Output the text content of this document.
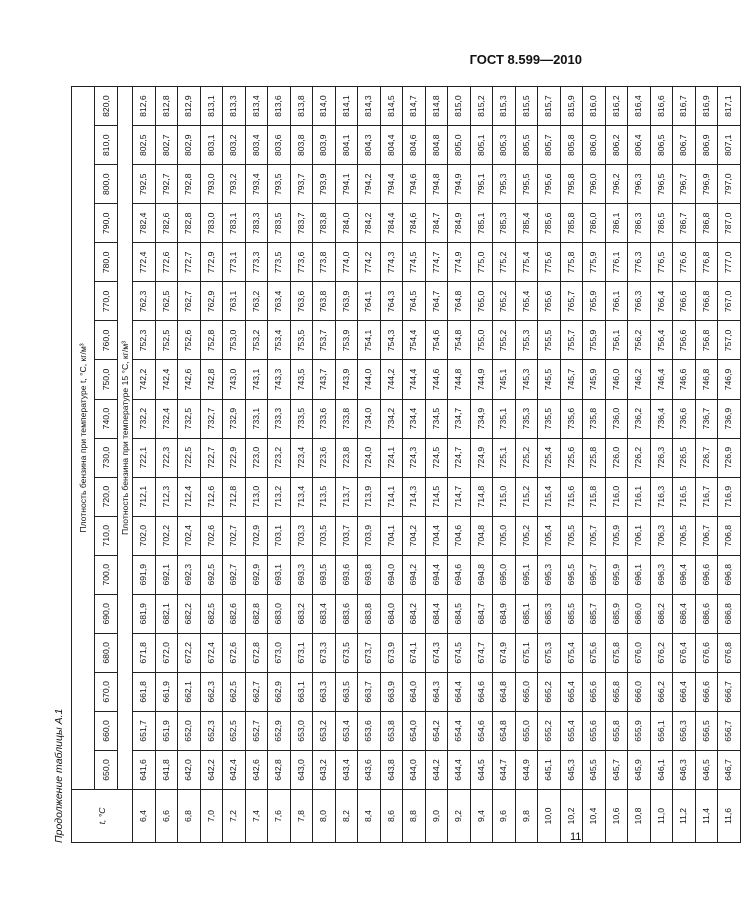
ГОСТ 8.599—2010
Продолжение таблицы А.1	t, °C	Плотность бензина при температуре t, °C, кг/м³																	
	650,0	660,0	670,0	680,0	690,0	700,0	710,0	720,0	730,0	740,0	750,0	760,0	770,0	780,0	790,0	800,0	810,0	820,0
	Плотность бензина при температуре 15 °C, кг/м³																	
6,4	641,6	651,7	661,8	671,8	681,9	691,9	702,0	712,1	722,1	732,2	742,2	752,3	762,3	772,4	782,4	792,5	802,5	812,6
6,6	641,8	651,9	661,9	672,0	682,1	692,1	702,2	712,3	722,3	732,4	742,4	752,5	762,5	772,6	782,6	792,7	802,7	812,8
6,8	642,0	652,0	662,1	672,2	682,2	692,3	702,4	712,4	722,5	732,5	742,6	752,6	762,7	772,7	782,8	792,8	802,9	812,9
7,0	642,2	652,3	662,3	672,4	682,5	692,5	702,6	712,6	722,7	732,7	742,8	752,8	762,9	772,9	783,0	793,0	803,1	813,1
7,2	642,4	652,5	662,5	672,6	682,6	692,7	702,7	712,8	722,9	732,9	743,0	753,0	763,1	773,1	783,1	793,2	803,2	813,3
7,4	642,6	652,7	662,7	672,8	682,8	692,9	702,9	713,0	723,0	733,1	743,1	753,2	763,2	773,3	783,3	793,4	803,4	813,4
7,6	642,8	652,9	662,9	673,0	683,0	693,1	703,1	713,2	723,2	733,3	743,3	753,4	763,4	773,5	783,5	793,5	803,6	813,6
7,8	643,0	653,0	663,1	673,1	683,2	693,3	703,3	713,4	723,4	733,5	743,5	753,5	763,6	773,6	783,7	793,7	803,8	813,8
8,0	643,2	653,2	663,3	673,3	683,4	693,5	703,5	713,5	723,6	733,6	743,7	753,7	763,8	773,8	783,8	793,9	803,9	814,0
8,2	643,4	653,4	663,5	673,5	683,6	693,6	703,7	713,7	723,8	733,8	743,9	753,9	763,9	774,0	784,0	794,1	804,1	814,1
8,4	643,6	653,6	663,7	673,7	683,8	693,8	703,9	713,9	724,0	734,0	744,0	754,1	764,1	774,2	784,2	794,2	804,3	814,3
8,6	643,8	653,8	663,9	673,9	684,0	694,0	704,1	714,1	724,1	734,2	744,2	754,3	764,3	774,3	784,4	794,4	804,4	814,5
8,8	644,0	654,0	664,0	674,1	684,2	694,2	704,2	714,3	724,3	734,4	744,4	754,4	764,5	774,5	784,6	794,6	804,6	814,7
9,0	644,2	654,2	664,3	674,3	684,4	694,4	704,4	714,5	724,5	734,5	744,6	754,6	764,7	774,7	784,7	794,8	804,8	814,8
9,2	644,4	654,4	664,4	674,5	684,5	694,6	704,6	714,7	724,7	734,7	744,8	754,8	764,8	774,9	784,9	794,9	805,0	815,0
9,4	644,5	654,6	664,6	674,7	684,7	694,8	704,8	714,8	724,9	734,9	744,9	755,0	765,0	775,0	785,1	795,1	805,1	815,2
9,6	644,7	654,8	664,8	674,9	684,9	695,0	705,0	715,0	725,1	735,1	745,1	755,2	765,2	775,2	785,3	795,3	805,3	815,3
9,8	644,9	655,0	665,0	675,1	685,1	695,1	705,2	715,2	725,2	735,3	745,3	755,3	765,4	775,4	785,4	795,5	805,5	815,5
10,0	645,1	655,2	665,2	675,3	685,3	695,3	705,4	715,4	725,4	735,5	745,5	755,5	765,6	775,6	785,6	795,6	805,7	815,7
10,2	645,3	655,4	665,4	675,4	685,5	695,5	705,5	715,6	725,6	735,6	745,7	755,7	765,7	775,8	785,8	795,8	805,8	815,9
10,4	645,5	655,6	665,6	675,6	685,7	695,7	705,7	715,8	725,8	735,8	745,9	755,9	765,9	775,9	786,0	796,0	806,0	816,0
10,6	645,7	655,8	665,8	675,8	685,9	695,9	705,9	716,0	726,0	736,0	746,0	756,1	766,1	776,1	786,1	796,2	806,2	816,2
10,8	645,9	655,9	666,0	676,0	686,0	696,1	706,1	716,1	726,2	736,2	746,2	756,2	766,3	776,3	786,3	796,3	806,4	816,4
11,0	646,1	656,1	666,2	676,2	686,2	696,3	706,3	716,3	726,3	736,4	746,4	756,4	766,4	776,5	786,5	796,5	806,5	816,6
11,2	646,3	656,3	666,4	676,4	686,4	696,4	706,5	716,5	726,5	736,6	746,6	756,6	766,6	776,6	786,7	796,7	806,7	816,7
11,4	646,5	656,5	666,6	676,6	686,6	696,6	706,7	716,7	726,7	736,7	746,8	756,8	766,8	776,8	786,8	796,9	806,9	816,9
11,6	646,7	656,7	666,7	676,8	686,8	696,8	706,8	716,9	726,9	736,9	746,9	757,0	767,0	777,0	787,0	797,0	807,1	817,1
11
